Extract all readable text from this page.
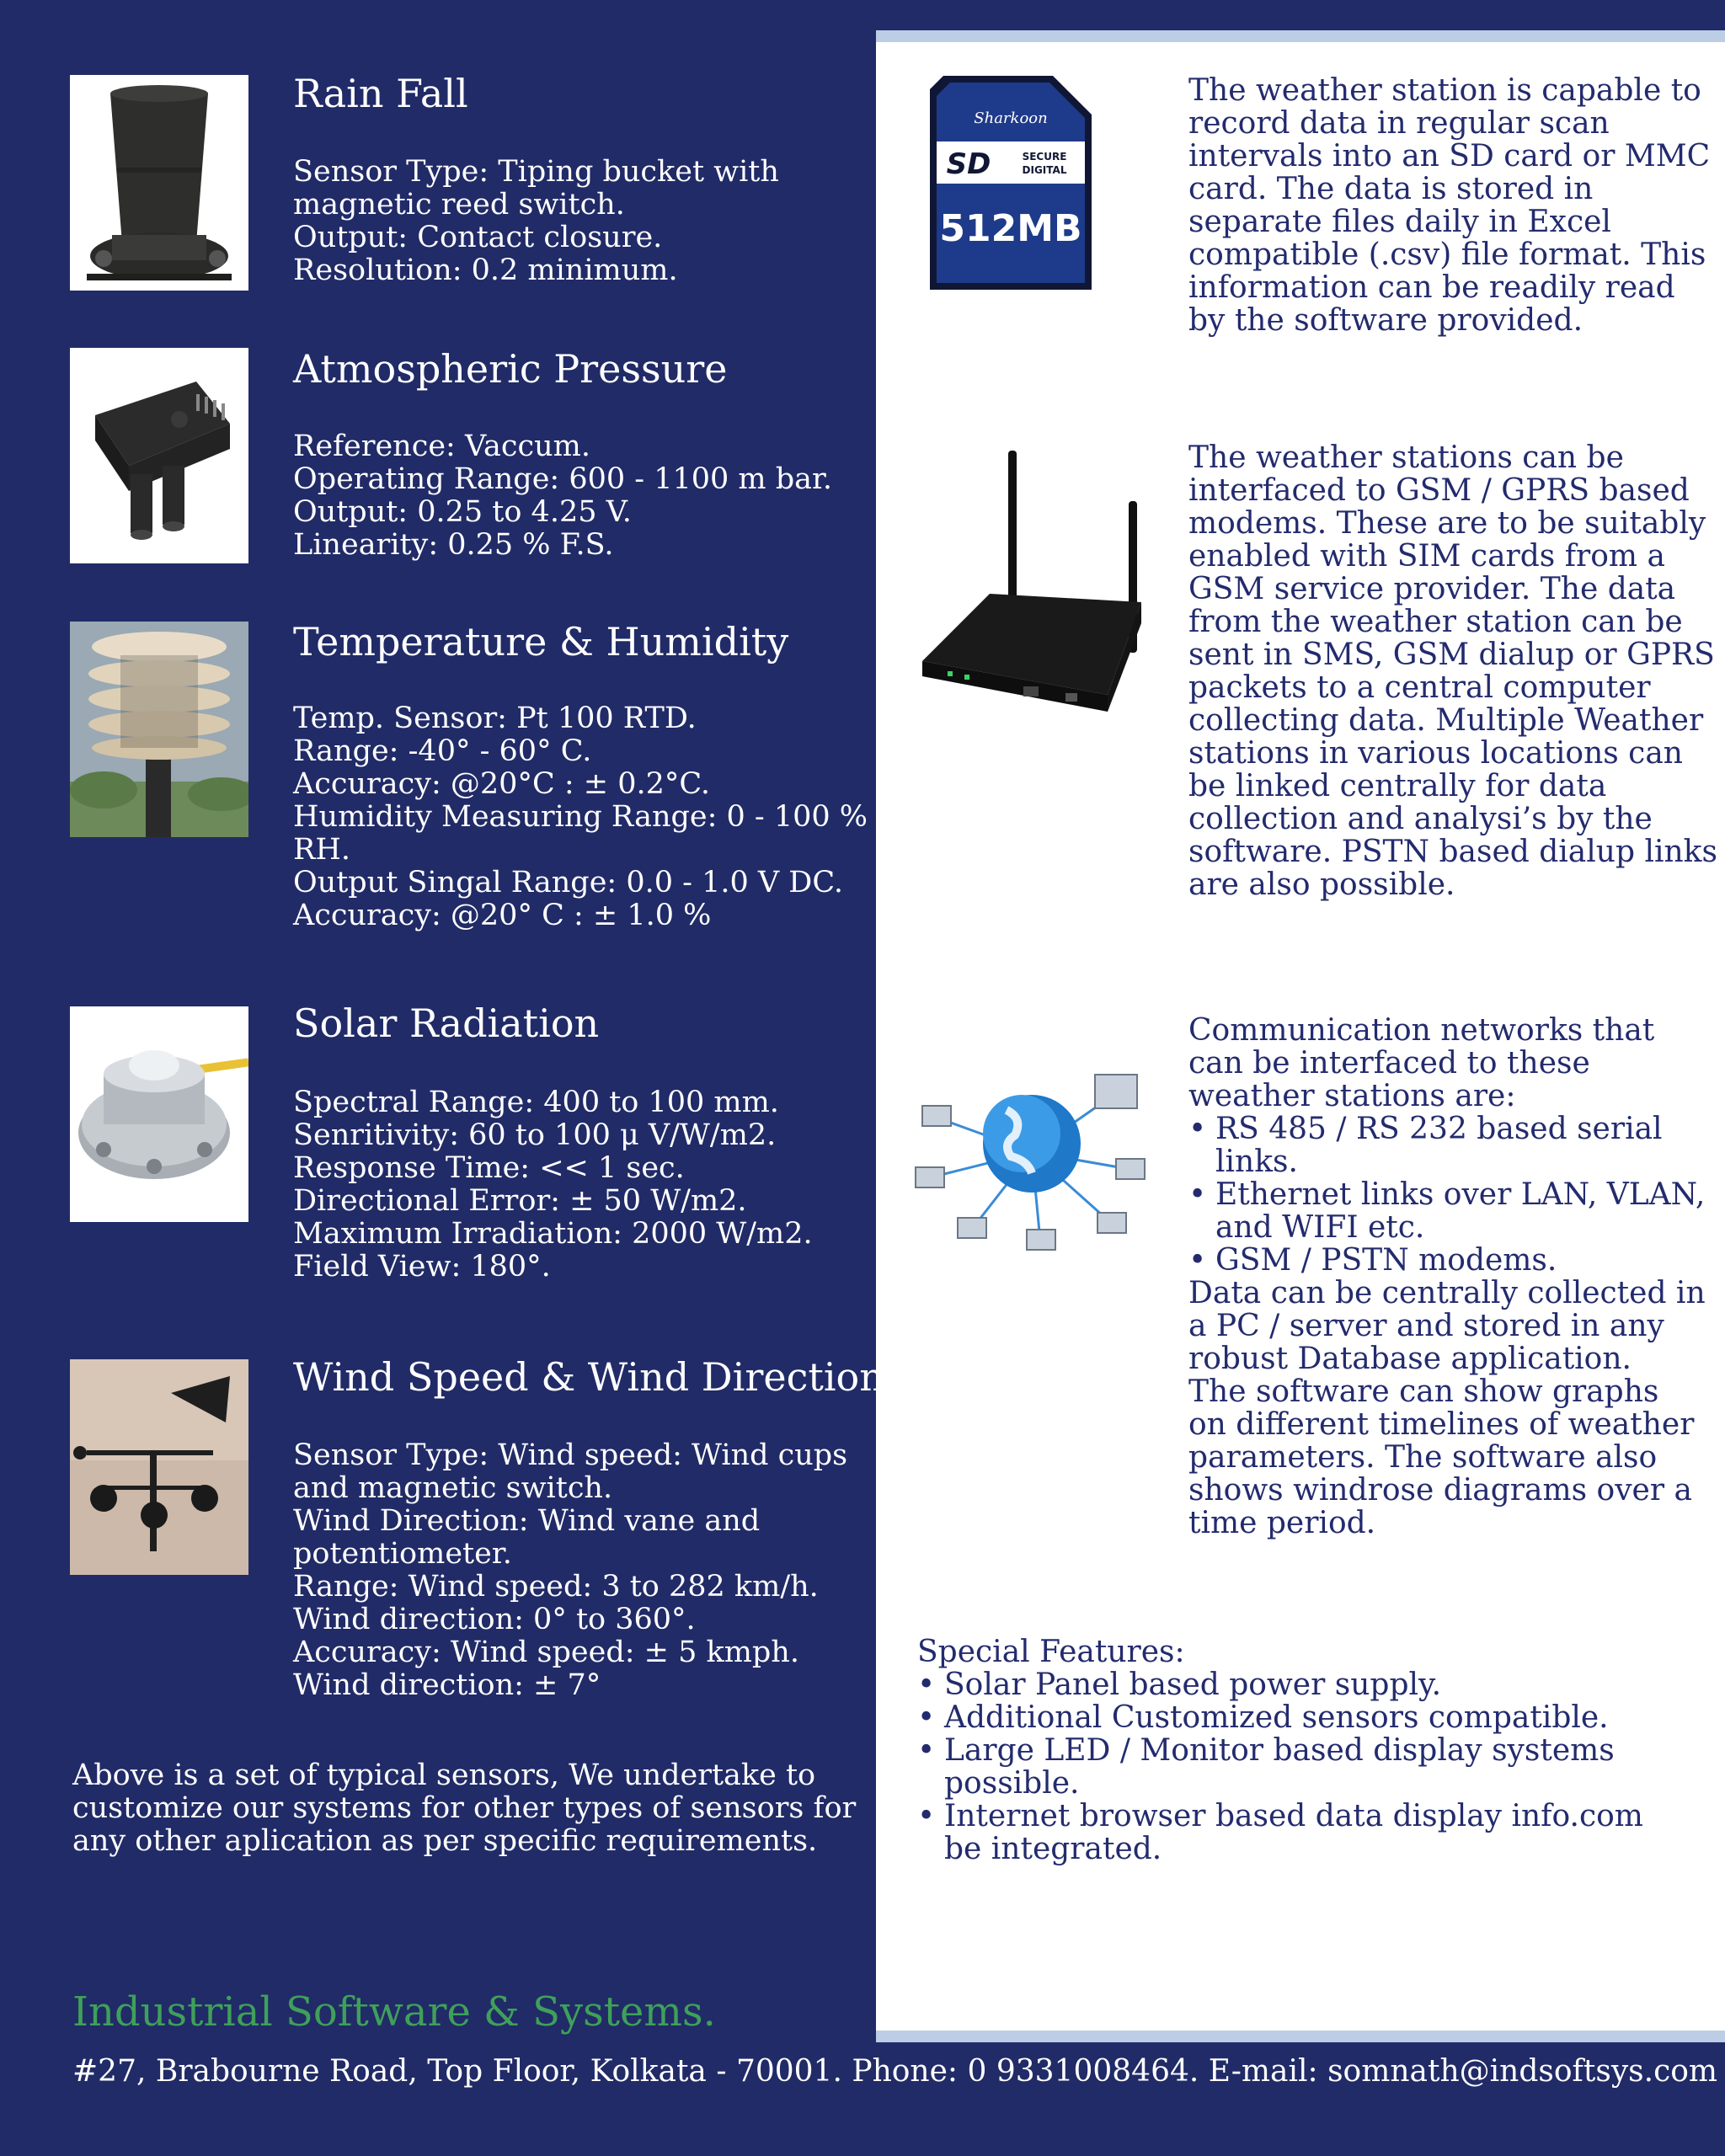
Rain Fall
Sensor Type: Tiping bucket with
magnetic reed switch.
Output: Contact closure.
Resolution: 0.2 minimum.
Atmospheric Pressure
Reference: Vaccum.
Operating Range: 600 - 1100 m bar.
Output: 0.25 to 4.25 V.
Linearity: 0.25 % F.S.
Temperature & Humidity
Temp. Sensor: Pt 100 RTD.
Range: -40° - 60° C.
Accuracy: @20°C : ± 0.2°C.
Humidity Measuring Range: 0 - 100 %
RH.
Output Singal Range: 0.0 - 1.0 V DC.
Accuracy: @20° C : ± 1.0 %
Solar Radiation
Spectral Range: 400 to 100 mm.
Senritivity: 60 to 100 μ V/W/m2.
Response Time: << 1 sec.
Directional Error: ± 50 W/m2.
Maximum Irradiation: 2000 W/m2.
Field View: 180°.
Wind Speed & Wind Direction
Sensor Type: Wind speed: Wind cups
and magnetic switch.
Wind Direction: Wind vane and
potentiometer.
Range: Wind speed: 3 to 282 km/h.
Wind direction: 0° to 360°.
Accuracy: Wind speed: ± 5 kmph.
Wind direction: ± 7°
Above is a set of typical sensors, We undertake to
customize our systems for other types of sensors for
any other aplication as per specific requirements.
Industrial Software & Systems.
#27, Brabourne Road, Top Floor, Kolkata - 70001. Phone: 0 9331008464. E-mail: somnath@indsoftsys.com
Sharkoon
SD	SECURE
DIGITAL
512MB
The weather station is capable to
record data in regular scan
intervals into an SD card or MMC
card. The data is stored in
separate files daily in Excel
compatible (.csv) file format. This
information can be readily read
by the software provided.
The weather stations can be
interfaced to GSM / GPRS based
modems. These are to be suitably
enabled with SIM cards from a
GSM service provider. The data
from the weather station can be
sent in SMS, GSM dialup or GPRS
packets to a central computer
collecting data. Multiple Weather
stations in various locations can
be linked centrally for data
collection and analysi’s by the
software. PSTN based dialup links
are also possible.
Communication networks that
can be interfaced to these
weather stations are:
• RS 485 / RS 232 based serial
links.
• Ethernet links over LAN, VLAN,
and WIFI etc.
• GSM / PSTN modems.
Data can be centrally collected in
a PC / server and stored in any
robust Database application.
The software can show graphs
on different timelines of weather
parameters. The software also
shows windrose diagrams over a
time period.
Special Features:
• Solar Panel based power supply.
• Additional Customized sensors compatible.
• Large LED / Monitor based display systems
possible.
• Internet browser based data display info.com
be integrated.
